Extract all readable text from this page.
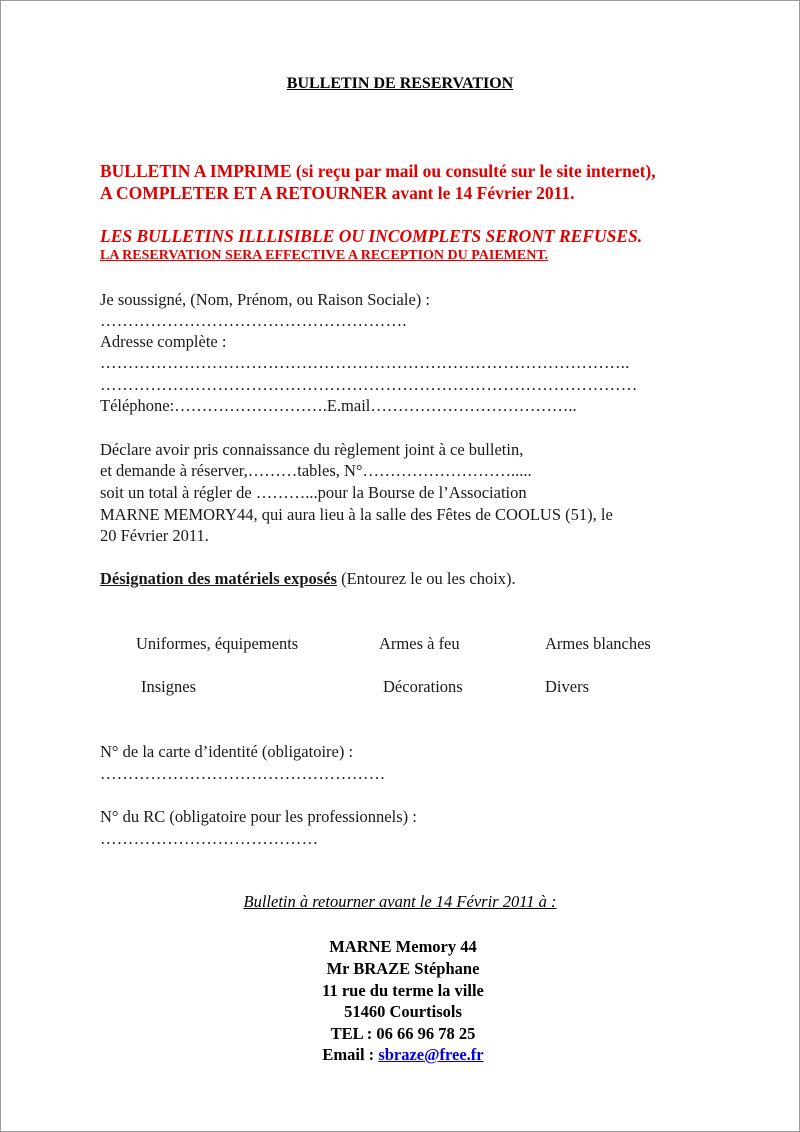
BULLETIN DE RESERVATION
BULLETIN A IMPRIME (si reçu par mail ou consulté sur le site internet),
A COMPLETER ET A RETOURNER avant le 14 Février 2011.
LES BULLETINS ILLLISIBLE OU INCOMPLETS SERONT REFUSES.
LA RESERVATION SERA EFFECTIVE A RECEPTION DU PAIEMENT.
Je soussigné, (Nom, Prénom, ou Raison Sociale) :
……………………………………………….
Adresse complète :
…………………………………………………………………………………..
……………………………………………………………………………………
Téléphone:……………………….E.mail………………………………..
Déclare avoir pris connaissance du règlement joint à ce bulletin,
et demande à réserver,………tables, N°……………………….....
soit un total à régler de ………...pour la Bourse de l’Association
MARNE MEMORY44, qui aura lieu à la salle des Fêtes de COOLUS (51), le
20 Février 2011.
Désignation des matériels exposés (Entourez le ou les choix).
Uniformes, équipements	Armes à feu	Armes blanches
Insignes	Décorations	Divers
N° de la carte d’identité (obligatoire) :
……………………………………………
N° du RC (obligatoire pour les professionnels) :
…………………………………
Bulletin à retourner avant le 14 Févrir 2011 à :
MARNE Memory 44
Mr BRAZE Stéphane
11 rue du terme la ville
51460 Courtisols
TEL : 06 66 96 78 25
Email : sbraze@free.fr
